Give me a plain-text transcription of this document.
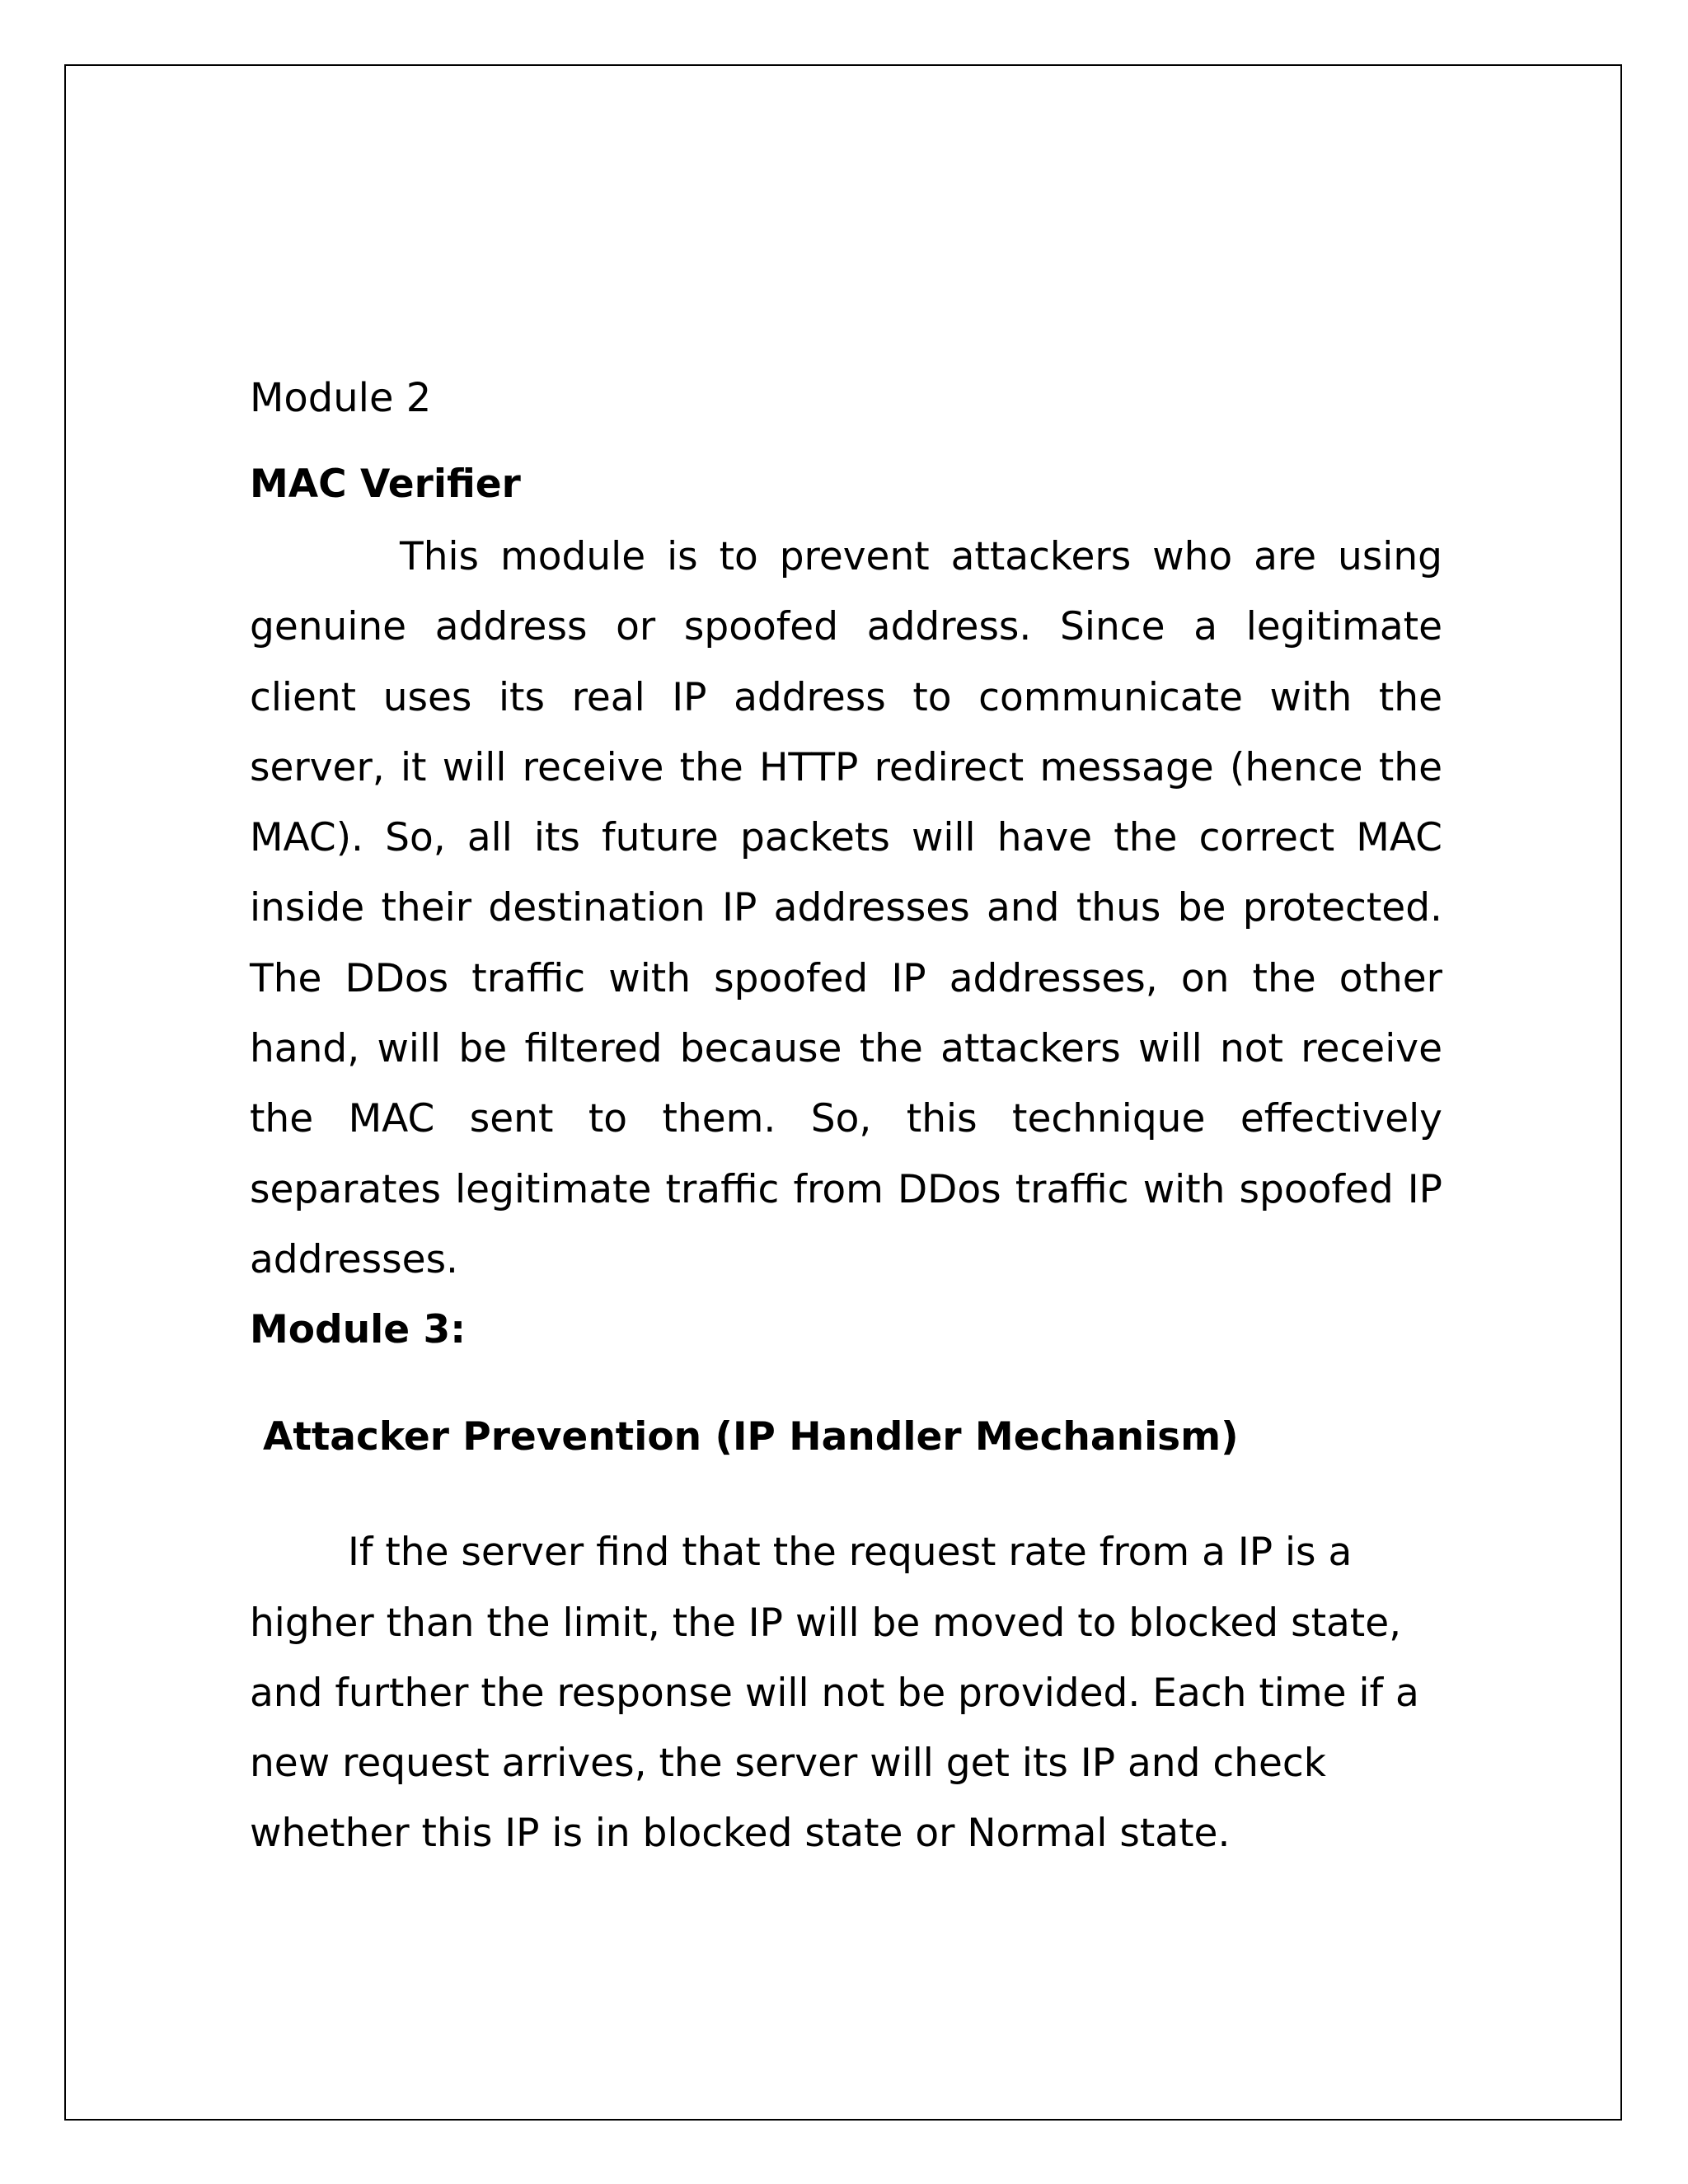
Module 2
MAC Verifier

This module is to prevent attackers who are using genuine address or spoofed address. Since a legitimate client uses its real IP address to communicate with the server, it will receive the HTTP redirect message (hence the MAC). So, all its future packets will have the correct MAC inside their destination IP addresses and thus be protected. The DDos traffic with spoofed IP addresses, on the other hand, will be filtered because the attackers will not receive the MAC sent to them. So, this technique effectively separates legitimate traffic from DDos traffic with spoofed IP addresses.

Module 3:
Attacker Prevention (IP Handler Mechanism)

If the server find that the request rate from a IP is a higher than the limit, the IP will be moved to blocked state, and further the response will not be provided. Each time if a new request arrives, the server will get its IP and check whether this IP is in blocked state or Normal state.
